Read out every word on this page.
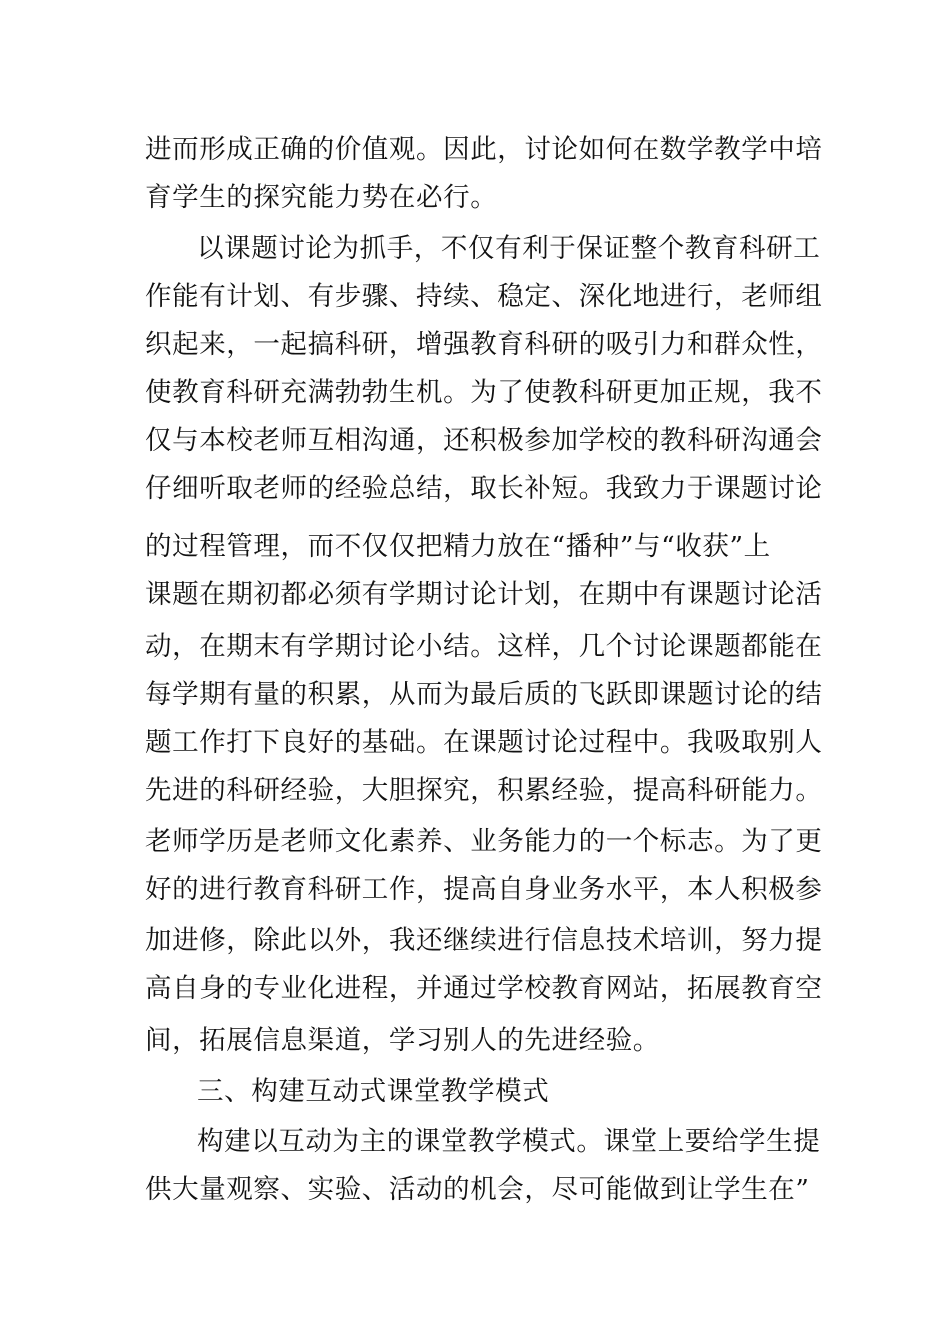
进而形成正确的价值观。因此，讨论如何在数学教学中培
育学生的探究能力势在必行。
以课题讨论为抓手，不仅有利于保证整个教育科研工
作能有计划、有步骤、持续、稳定、深化地进行，老师组
织起来，一起搞科研，增强教育科研的吸引力和群众性，
使教育科研充满勃勃生机。为了使教科研更加正规，我不
仅与本校老师互相沟通，还积极参加学校的教科研沟通会
仔细听取老师的经验总结，取长补短。我致力于课题讨论
的过程管理，而不仅仅把精力放在“播种”与“收获”上
课题在期初都必须有学期讨论计划，在期中有课题讨论活
动，在期末有学期讨论小结。这样，几个讨论课题都能在
每学期有量的积累，从而为最后质的飞跃即课题讨论的结
题工作打下良好的基础。在课题讨论过程中。我吸取别人
先进的科研经验，大胆探究，积累经验，提高科研能力。
老师学历是老师文化素养、业务能力的一个标志。为了更
好的进行教育科研工作，提高自身业务水平，本人积极参
加进修，除此以外，我还继续进行信息技术培训，努力提
高自身的专业化进程，并通过学校教育网站，拓展教育空
间，拓展信息渠道，学习别人的先进经验。
三、构建互动式课堂教学模式
构建以互动为主的课堂教学模式。课堂上要给学生提
供大量观察、实验、活动的机会，尽可能做到让学生在”
